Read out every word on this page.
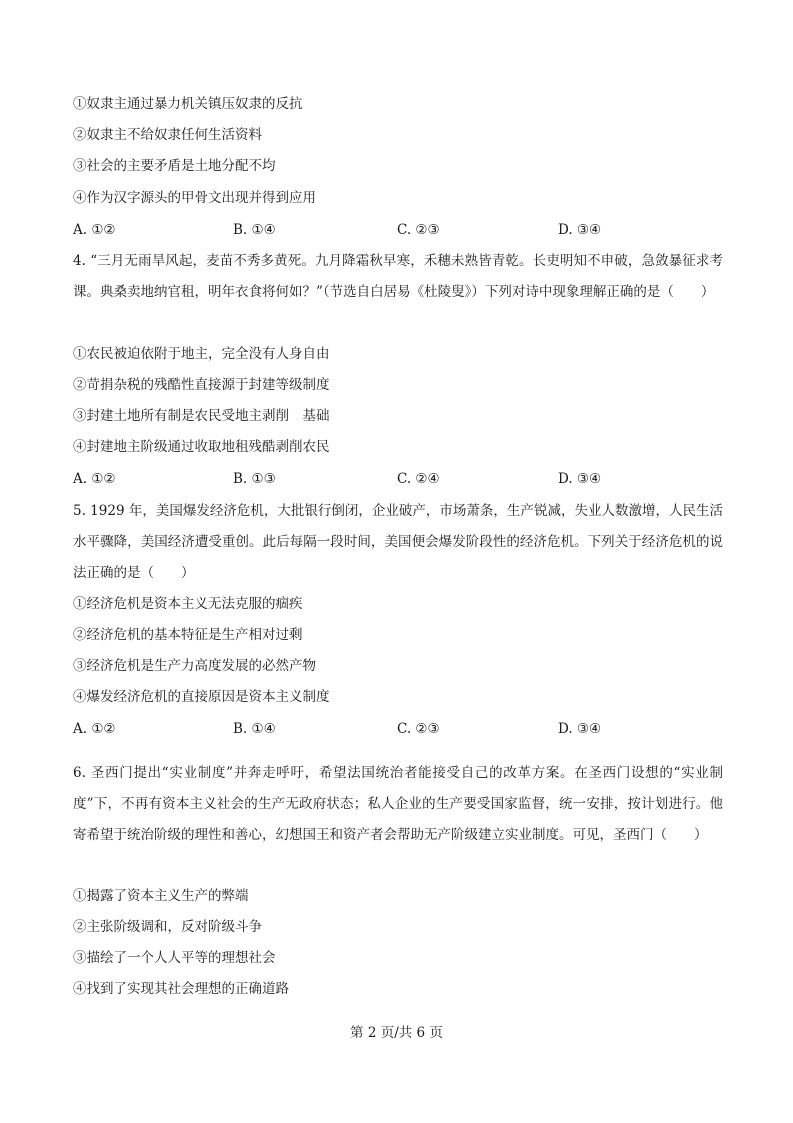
①奴隶主通过暴力机关镇压奴隶的反抗
②奴隶主不给奴隶任何生活资料
③社会的主要矛盾是土地分配不均
④作为汉字源头的甲骨文出现并得到应用
A. ①②	B. ①④	C. ②③	D. ③④
4. “三月无雨旱风起，麦苗不秀多黄死。九月降霜秋早寒，禾穗未熟皆青乾。长吏明知不申破，急敛暴征求考课。典桑卖地纳官租，明年衣食将何如？”（节选自白居易《杜陵叟》）下列对诗中现象理解正确的是（　　）
①农民被迫依附于地主，完全没有人身自由
②苛捐杂税的残酷性直接源于封建等级制度
③封建土地所有制是农民受地主剥削　基础
④封建地主阶级通过收取地租残酷剥削农民
A. ①②	B. ①③	C. ②④	D. ③④
5. 1929 年，美国爆发经济危机，大批银行倒闭，企业破产，市场萧条，生产锐减，失业人数激增，人民生活水平骤降，美国经济遭受重创。此后每隔一段时间，美国便会爆发阶段性的经济危机。下列关于经济危机的说法正确的是（　　）
①经济危机是资本主义无法克服的痼疾
②经济危机的基本特征是生产相对过剩
③经济危机是生产力高度发展的必然产物
④爆发经济危机的直接原因是资本主义制度
A. ①②	B. ①④	C. ②③	D. ③④
6. 圣西门提出“实业制度”并奔走呼吁，希望法国统治者能接受自己的改革方案。在圣西门设想的“实业制度”下，不再有资本主义社会的生产无政府状态；私人企业的生产要受国家监督，统一安排，按计划进行。他寄希望于统治阶级的理性和善心，幻想国王和资产者会帮助无产阶级建立实业制度。可见，圣西门（　　）
①揭露了资本主义生产的弊端
②主张阶级调和，反对阶级斗争
③描绘了一个人人平等的理想社会
④找到了实现其社会理想的正确道路
第 2 页/共 6 页
